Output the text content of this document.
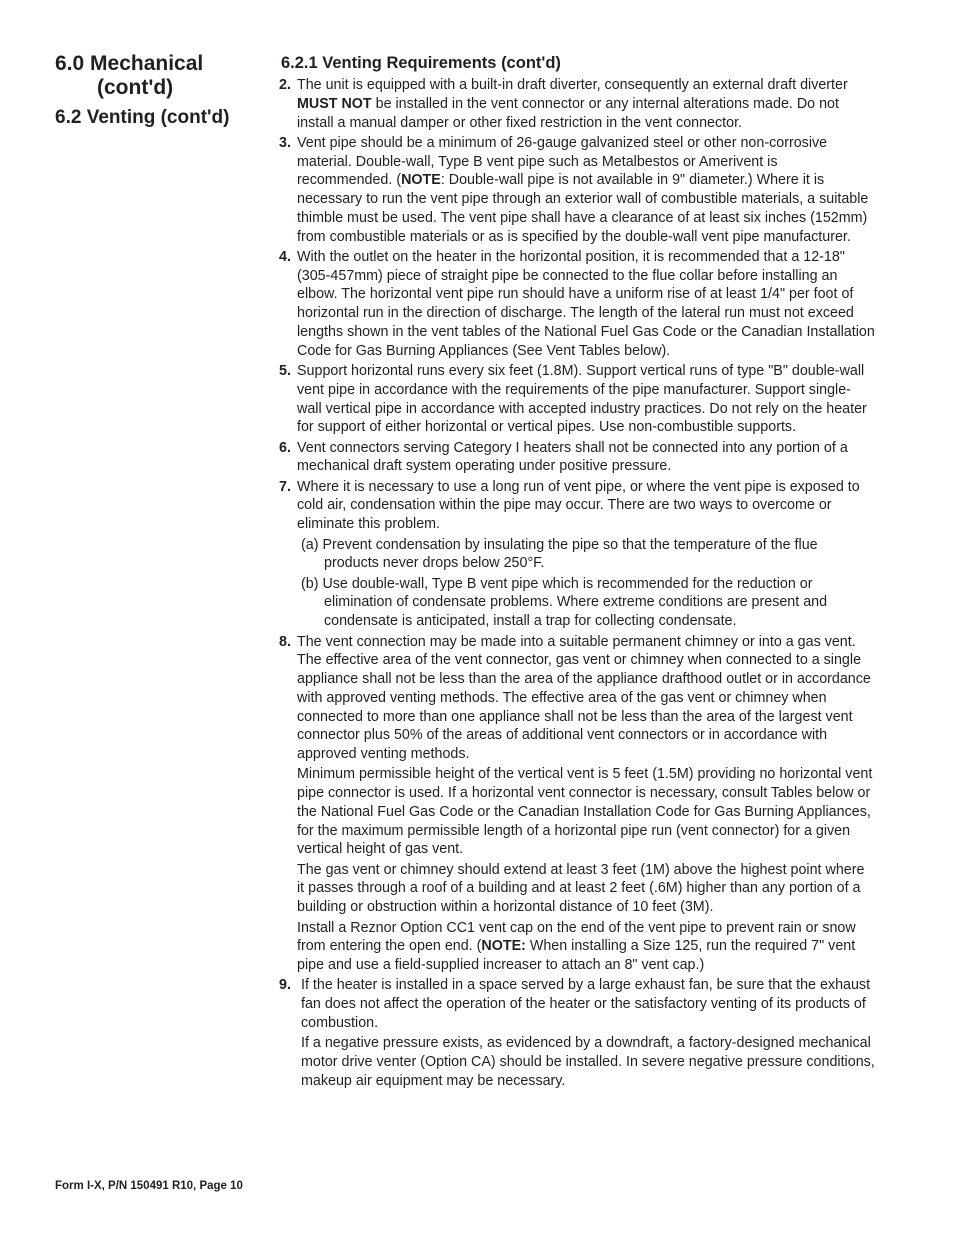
6.0 Mechanical
(cont'd)
6.2 Venting (cont'd)
6.2.1 Venting Requirements (cont'd)
2. The unit is equipped with a built-in draft diverter, consequently an external draft diverter MUST NOT be installed in the vent connector or any internal alterations made. Do not install a manual damper or other fixed restriction in the vent connector.
3. Vent pipe should be a minimum of 26-gauge galvanized steel or other non-corrosive material. Double-wall, Type B vent pipe such as Metalbestos or Amerivent is recommended. (NOTE: Double-wall pipe is not available in 9" diameter.) Where it is necessary to run the vent pipe through an exterior wall of combustible materials, a suitable thimble must be used. The vent pipe shall have a clearance of at least six inches (152mm) from combustible materials or as is specified by the double-wall vent pipe manufacturer.
4. With the outlet on the heater in the horizontal position, it is recommended that a 12-18" (305-457mm) piece of straight pipe be connected to the flue collar before installing an elbow. The horizontal vent pipe run should have a uniform rise of at least 1/4" per foot of horizontal run in the direction of discharge. The length of the lateral run must not exceed lengths shown in the vent tables of the National Fuel Gas Code or the Canadian Installation Code for Gas Burning Appliances (See Vent Tables below).
5. Support horizontal runs every six feet (1.8M). Support vertical runs of type "B" double-wall vent pipe in accordance with the requirements of the pipe manufacturer. Support single-wall vertical pipe in accordance with accepted industry practices. Do not rely on the heater for support of either horizontal or vertical pipes. Use non-combustible supports.
6. Vent connectors serving Category I heaters shall not be connected into any portion of a mechanical draft system operating under positive pressure.
7. Where it is necessary to use a long run of vent pipe, or where the vent pipe is exposed to cold air, condensation within the pipe may occur. There are two ways to overcome or eliminate this problem.
(a) Prevent condensation by insulating the pipe so that the temperature of the flue products never drops below 250°F.
(b) Use double-wall, Type B vent pipe which is recommended for the reduction or elimination of condensate problems. Where extreme conditions are present and condensate is anticipated, install a trap for collecting condensate.
8. The vent connection may be made into a suitable permanent chimney or into a gas vent. The effective area of the vent connector, gas vent or chimney when connected to a single appliance shall not be less than the area of the appliance drafthood outlet or in accordance with approved venting methods. The effective area of the gas vent or chimney when connected to more than one appliance shall not be less than the area of the largest vent connector plus 50% of the areas of additional vent connectors or in accordance with approved venting methods.
Minimum permissible height of the vertical vent is 5 feet (1.5M) providing no horizontal vent pipe connector is used. If a horizontal vent connector is necessary, consult Tables below or the National Fuel Gas Code or the Canadian Installation Code for Gas Burning Appliances, for the maximum permissible length of a horizontal pipe run (vent connector) for a given vertical height of gas vent.
The gas vent or chimney should extend at least 3 feet (1M) above the highest point where it passes through a roof of a building and at least 2 feet (.6M) higher than any portion of a building or obstruction within a horizontal distance of 10 feet (3M).
Install a Reznor Option CC1 vent cap on the end of the vent pipe to prevent rain or snow from entering the open end. (NOTE: When installing a Size 125, run the required 7" vent pipe and use a field-supplied increaser to attach an 8" vent cap.)
9. If the heater is installed in a space served by a large exhaust fan, be sure that the exhaust fan does not affect the operation of the heater or the satisfactory venting of its products of combustion.
If a negative pressure exists, as evidenced by a downdraft, a factory-designed mechanical motor drive venter (Option CA) should be installed. In severe negative pressure conditions, makeup air equipment may be necessary.
Form I-X, P/N 150491 R10, Page 10
